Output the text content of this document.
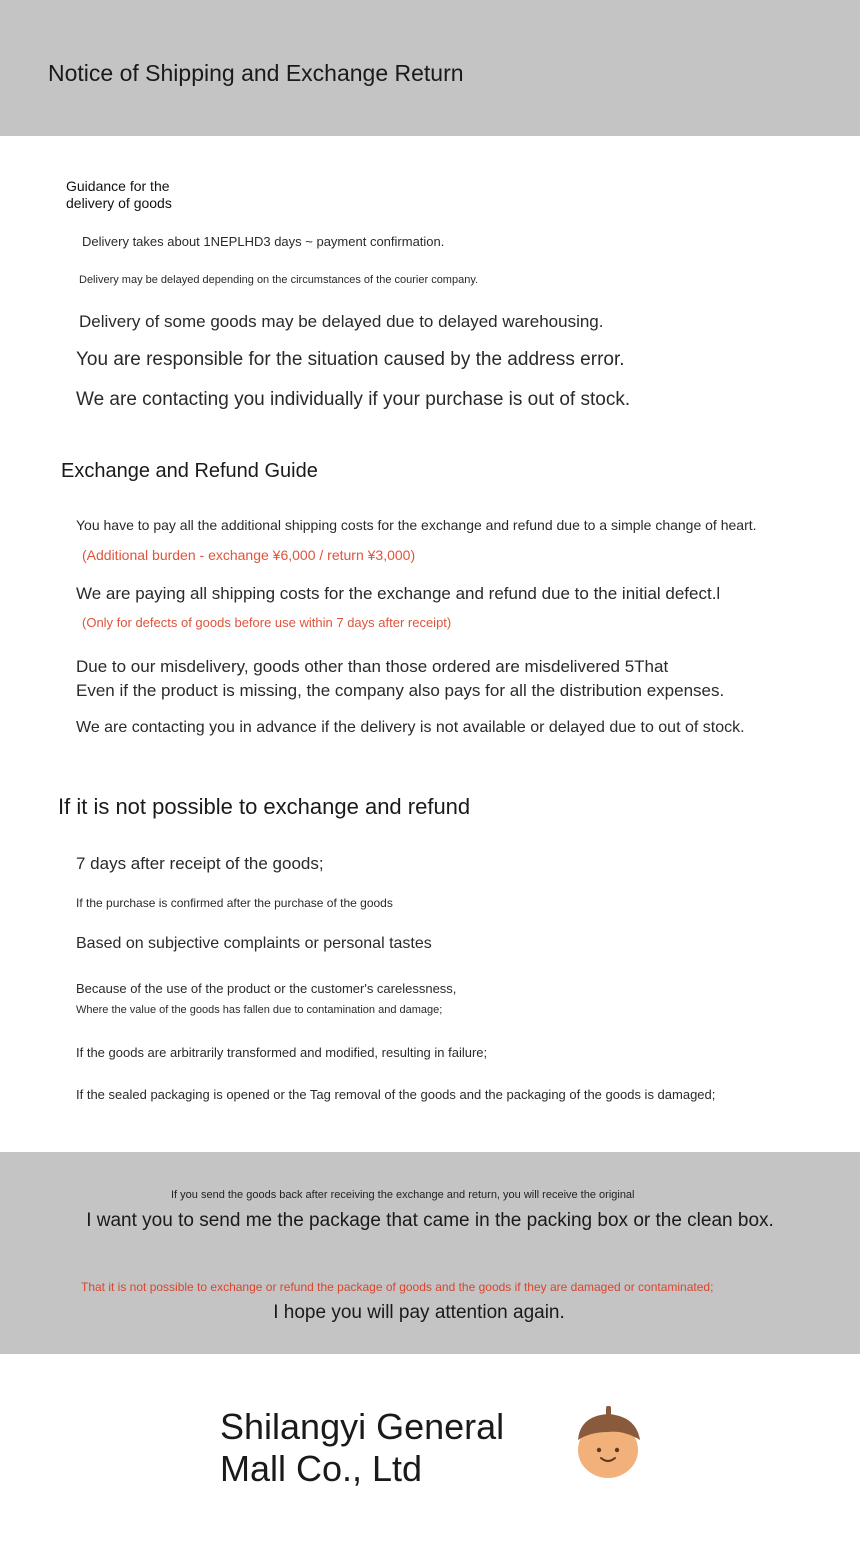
Notice of Shipping and Exchange Return
Guidance for the
delivery of goods
Delivery takes about 1NEPLHD3 days ~ payment confirmation.
Delivery may be delayed depending on the circumstances of the courier company.
Delivery of some goods may be delayed due to delayed warehousing.
You are responsible for the situation caused by the address error.
We are contacting you individually if your purchase is out of stock.
Exchange and Refund Guide
You have to pay all the additional shipping costs for the exchange and refund due to a simple change of heart.
(Additional burden - exchange ¥6,000 / return ¥3,000)
We are paying all shipping costs for the exchange and refund due to the initial defect.l
(Only for defects of goods before use within 7 days after receipt)
Due to our misdelivery, goods other than those ordered are misdelivered 5That
Even if the product is missing, the company also pays for all the distribution expenses.
We are contacting you in advance if the delivery is not available or delayed due to out of stock.
If it is not possible to exchange and refund
7 days after receipt of the goods;
If the purchase is confirmed after the purchase of the goods
Based on subjective complaints or personal tastes
Because of the use of the product or the customer's carelessness,
Where the value of the goods has fallen due to contamination and damage;
If the goods are arbitrarily transformed and modified, resulting in failure;
If the sealed packaging is opened or the Tag removal of the goods and the packaging of the goods is damaged;
If you send the goods back after receiving the exchange and return, you will receive the original
I want you to send me the package that came in the packing box or the clean box.
That it is not possible to exchange or refund the package of goods and the goods if they are damaged or contaminated;
I hope you will pay attention again.
Shilangyi General Mall Co., Ltd
